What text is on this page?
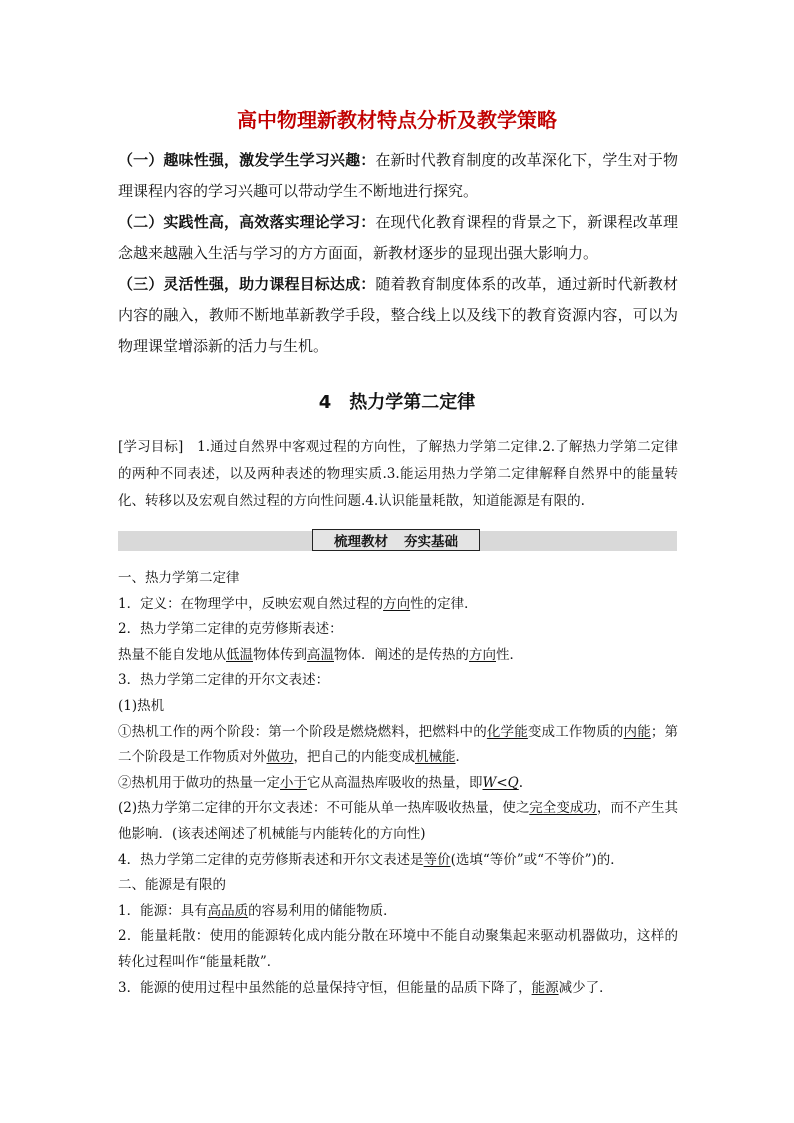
高中物理新教材特点分析及教学策略

（一）趣味性强，激发学生学习兴趣：在新时代教育制度的改革深化下，学生对于物理课程内容的学习兴趣可以带动学生不断地进行探究。

（二）实践性高，高效落实理论学习：在现代化教育课程的背景之下，新课程改革理念越来越融入生活与学习的方方面面，新教材逐步的显现出强大影响力。

（三）灵活性强，助力课程目标达成：随着教育制度体系的改革，通过新时代新教材内容的融入，教师不断地革新教学手段，整合线上以及线下的教育资源内容，可以为物理课堂增添新的活力与生机。

4　热力学第二定律

[学习目标]　1.通过自然界中客观过程的方向性，了解热力学第二定律.2.了解热力学第二定律的两种不同表述，以及两种表述的物理实质.3.能运用热力学第二定律解释自然界中的能量转化、转移以及宏观自然过程的方向性问题.4.认识能量耗散，知道能源是有限的.

梳理教材 夯实基础

一、热力学第二定律

1．定义：在物理学中，反映宏观自然过程的方向性的定律．

2．热力学第二定律的克劳修斯表述：

热量不能自发地从低温物体传到高温物体．阐述的是传热的方向性．

3．热力学第二定律的开尔文表述：

(1)热机

①热机工作的两个阶段：第一个阶段是燃烧燃料，把燃料中的化学能变成工作物质的内能；第二个阶段是工作物质对外做功，把自己的内能变成机械能．

②热机用于做功的热量一定小于它从高温热库吸收的热量，即W<Q.

(2)热力学第二定律的开尔文表述：不可能从单一热库吸收热量，使之完全变成功，而不产生其他影响．(该表述阐述了机械能与内能转化的方向性)

4．热力学第二定律的克劳修斯表述和开尔文表述是等价(选填“等价”或“不等价”)的．

二、能源是有限的

1．能源：具有高品质的容易利用的储能物质．

2．能量耗散：使用的能源转化成内能分散在环境中不能自动聚集起来驱动机器做功，这样的转化过程叫作“能量耗散”．

3．能源的使用过程中虽然能的总量保持守恒，但能量的品质下降了，能源减少了．
